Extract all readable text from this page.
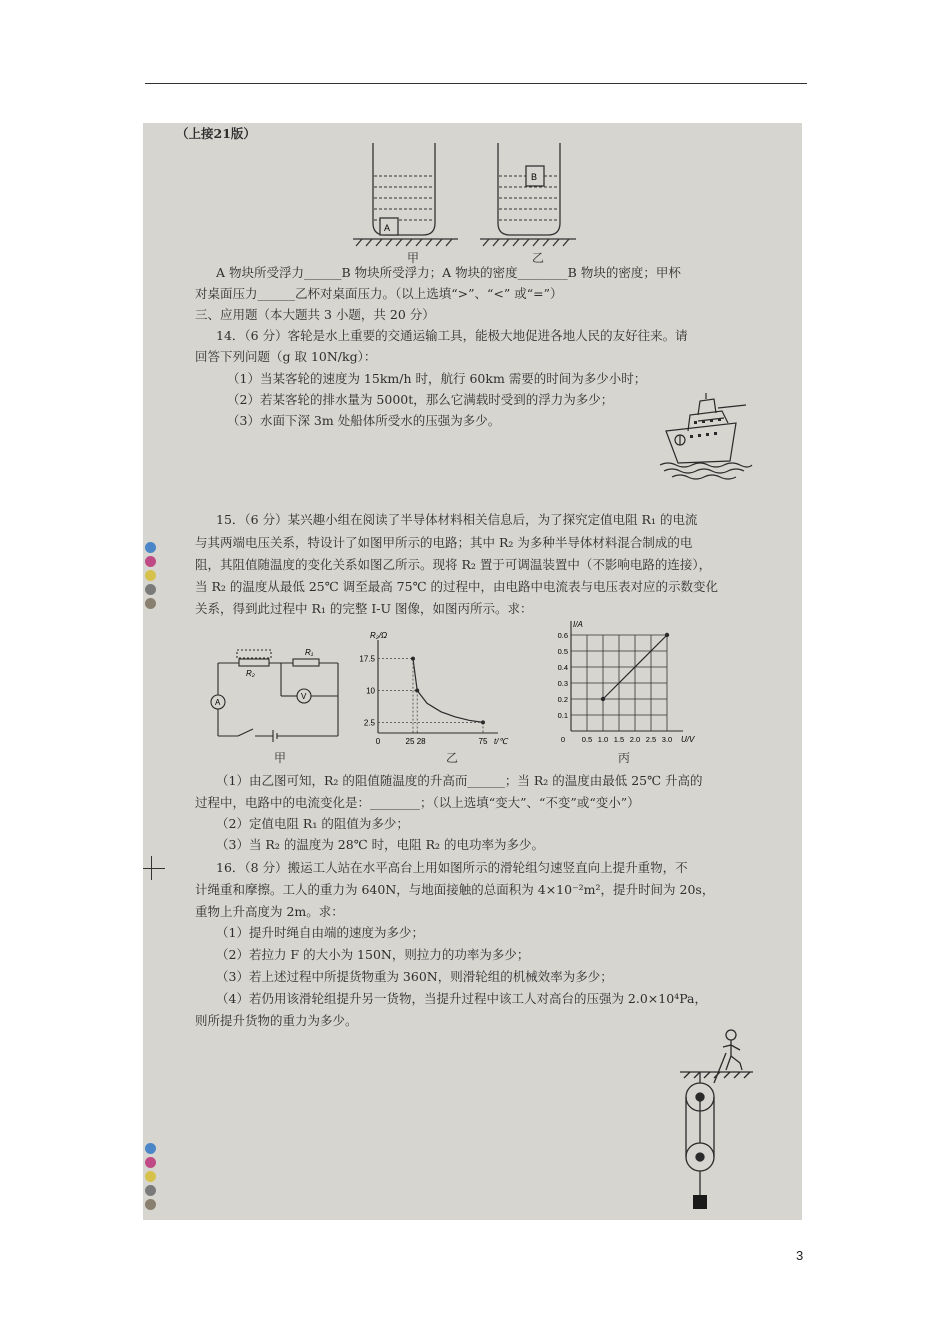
（上接21版）
A
B
甲	乙
A 物块所受浮力______B 物块所受浮力；A 物块的密度________B 物块的密度；甲杯
对桌面压力______乙杯对桌面压力。（以上选填“>”、“<” 或“=”）
三、应用题（本大题共 3 小题，共 20 分）
14．（6 分）客轮是水上重要的交通运输工具，能极大地促进各地人民的友好往来。请
回答下列问题（g 取 10N/kg）：
（1）当某客轮的速度为 15km/h 时，航行 60km 需要的时间为多少小时；
（2）若某客轮的排水量为 5000t，那么它满载时受到的浮力为多少；
（3）水面下深 3m 处船体所受水的压强为多少。
15．（6 分）某兴趣小组在阅读了半导体材料相关信息后，为了探究定值电阻 R₁ 的电流
与其两端电压关系，特设计了如图甲所示的电路；其中 R₂ 为多种半导体材料混合制成的电
阻，其阻值随温度的变化关系如图乙所示。现将 R₂ 置于可调温装置中（不影响电路的连接），
当 R₂ 的温度从最低 25℃ 调至最高 75℃ 的过程中，由电路中电流表与电压表对应的示数变化
关系，得到此过程中 R₁ 的完整 I-U 图像，如图丙所示。求：
R₁
R₂
A
V
甲
17.5
10
2.5
0	25 28	75
R₂/Ω
t/℃
乙
0.6
0.5
0.4
0.3
0.2
0.1
0 0.5 1.0 1.5 2.0 2.5 3.0
I/A
U/V
丙
（1）由乙图可知，R₂ 的阻值随温度的升高而______；当 R₂ 的温度由最低 25℃ 升高的
过程中，电路中的电流变化是：________；（以上选填“变大”、“不变”或“变小”）
（2）定值电阻 R₁ 的阻值为多少；
（3）当 R₂ 的温度为 28℃ 时，电阻 R₂ 的电功率为多少。
16．（8 分）搬运工人站在水平高台上用如图所示的滑轮组匀速竖直向上提升重物，不
计绳重和摩擦。工人的重力为 640N，与地面接触的总面积为 4×10⁻²m²，提升时间为 20s，
重物上升高度为 2m。求：
（1）提升时绳自由端的速度为多少；
（2）若拉力 F 的大小为 150N，则拉力的功率为多少；
（3）若上述过程中所提货物重为 360N，则滑轮组的机械效率为多少；
（4）若仍用该滑轮组提升另一货物，当提升过程中该工人对高台的压强为 2.0×10⁴Pa，
则所提升货物的重力为多少。
3
